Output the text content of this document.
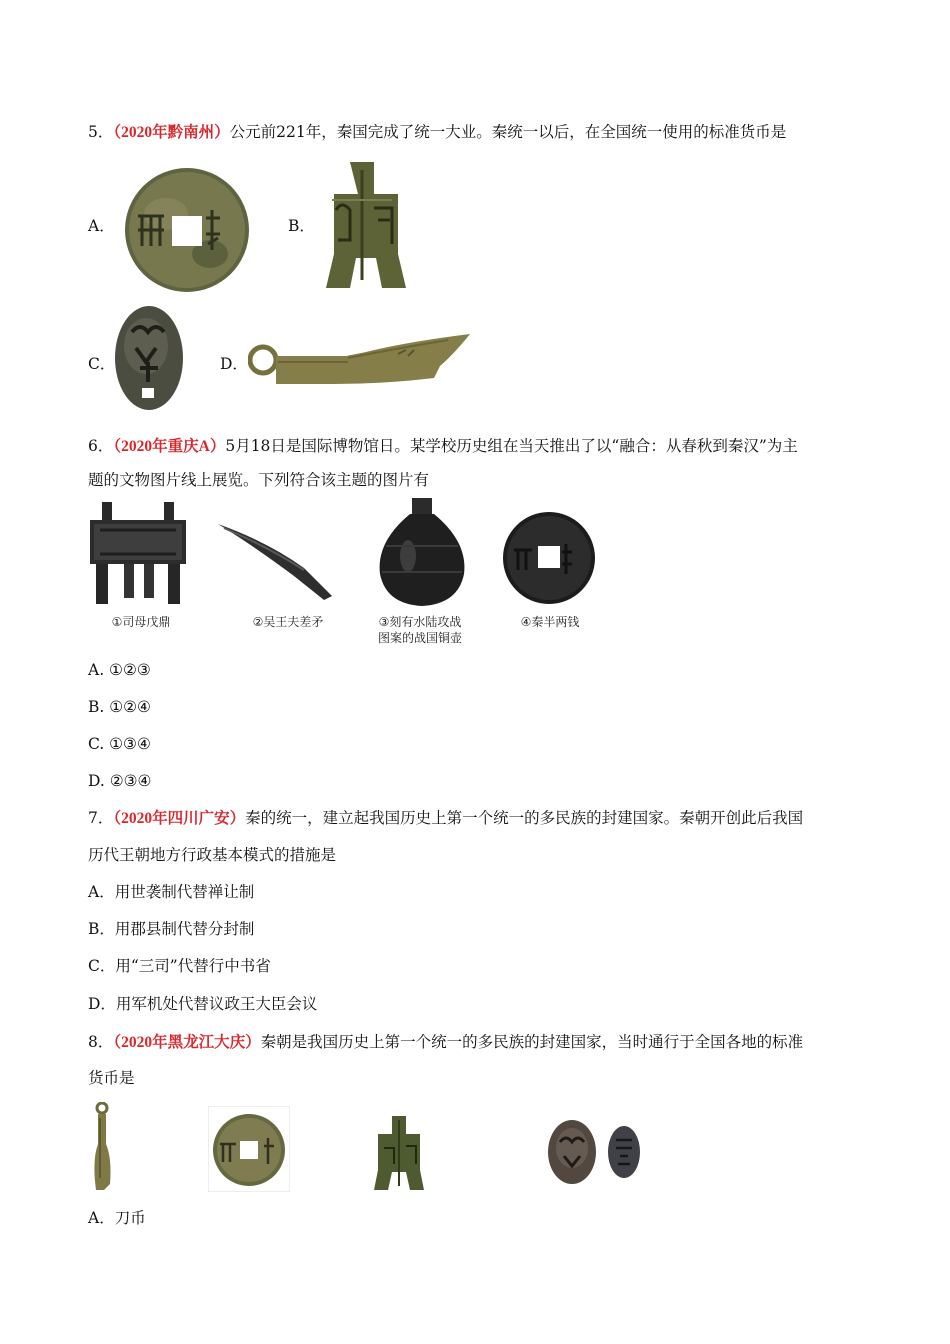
5．（2020年黔南州）公元前221年，秦国完成了统一大业。秦统一以后，在全国统一使用的标准货币是
A．	B．
C．	D．
6．（2020年重庆A）5月18日是国际博物馆日。某学校历史组在当天推出了以“融合：从春秋到秦汉”为主
题的文物图片线上展览。下列符合该主题的图片有
①司母戊鼎	②吴王夫差矛	③刻有水陆攻战
图案的战国铜壶
④秦半两钱
A. ①②③
B. ①②④
C. ①③④
D. ②③④
7．（2020年四川广安）秦的统一，建立起我国历史上第一个统一的多民族的封建国家。秦朝开创此后我国
历代王朝地方行政基本模式的措施是
A．用世袭制代替禅让制
B．用郡县制代替分封制
C．用“三司”代替行中书省
D．用军机处代替议政王大臣会议
8．（2020年黑龙江大庆）秦朝是我国历史上第一个统一的多民族的封建国家，当时通行于全国各地的标准
货币是
A．刀币
